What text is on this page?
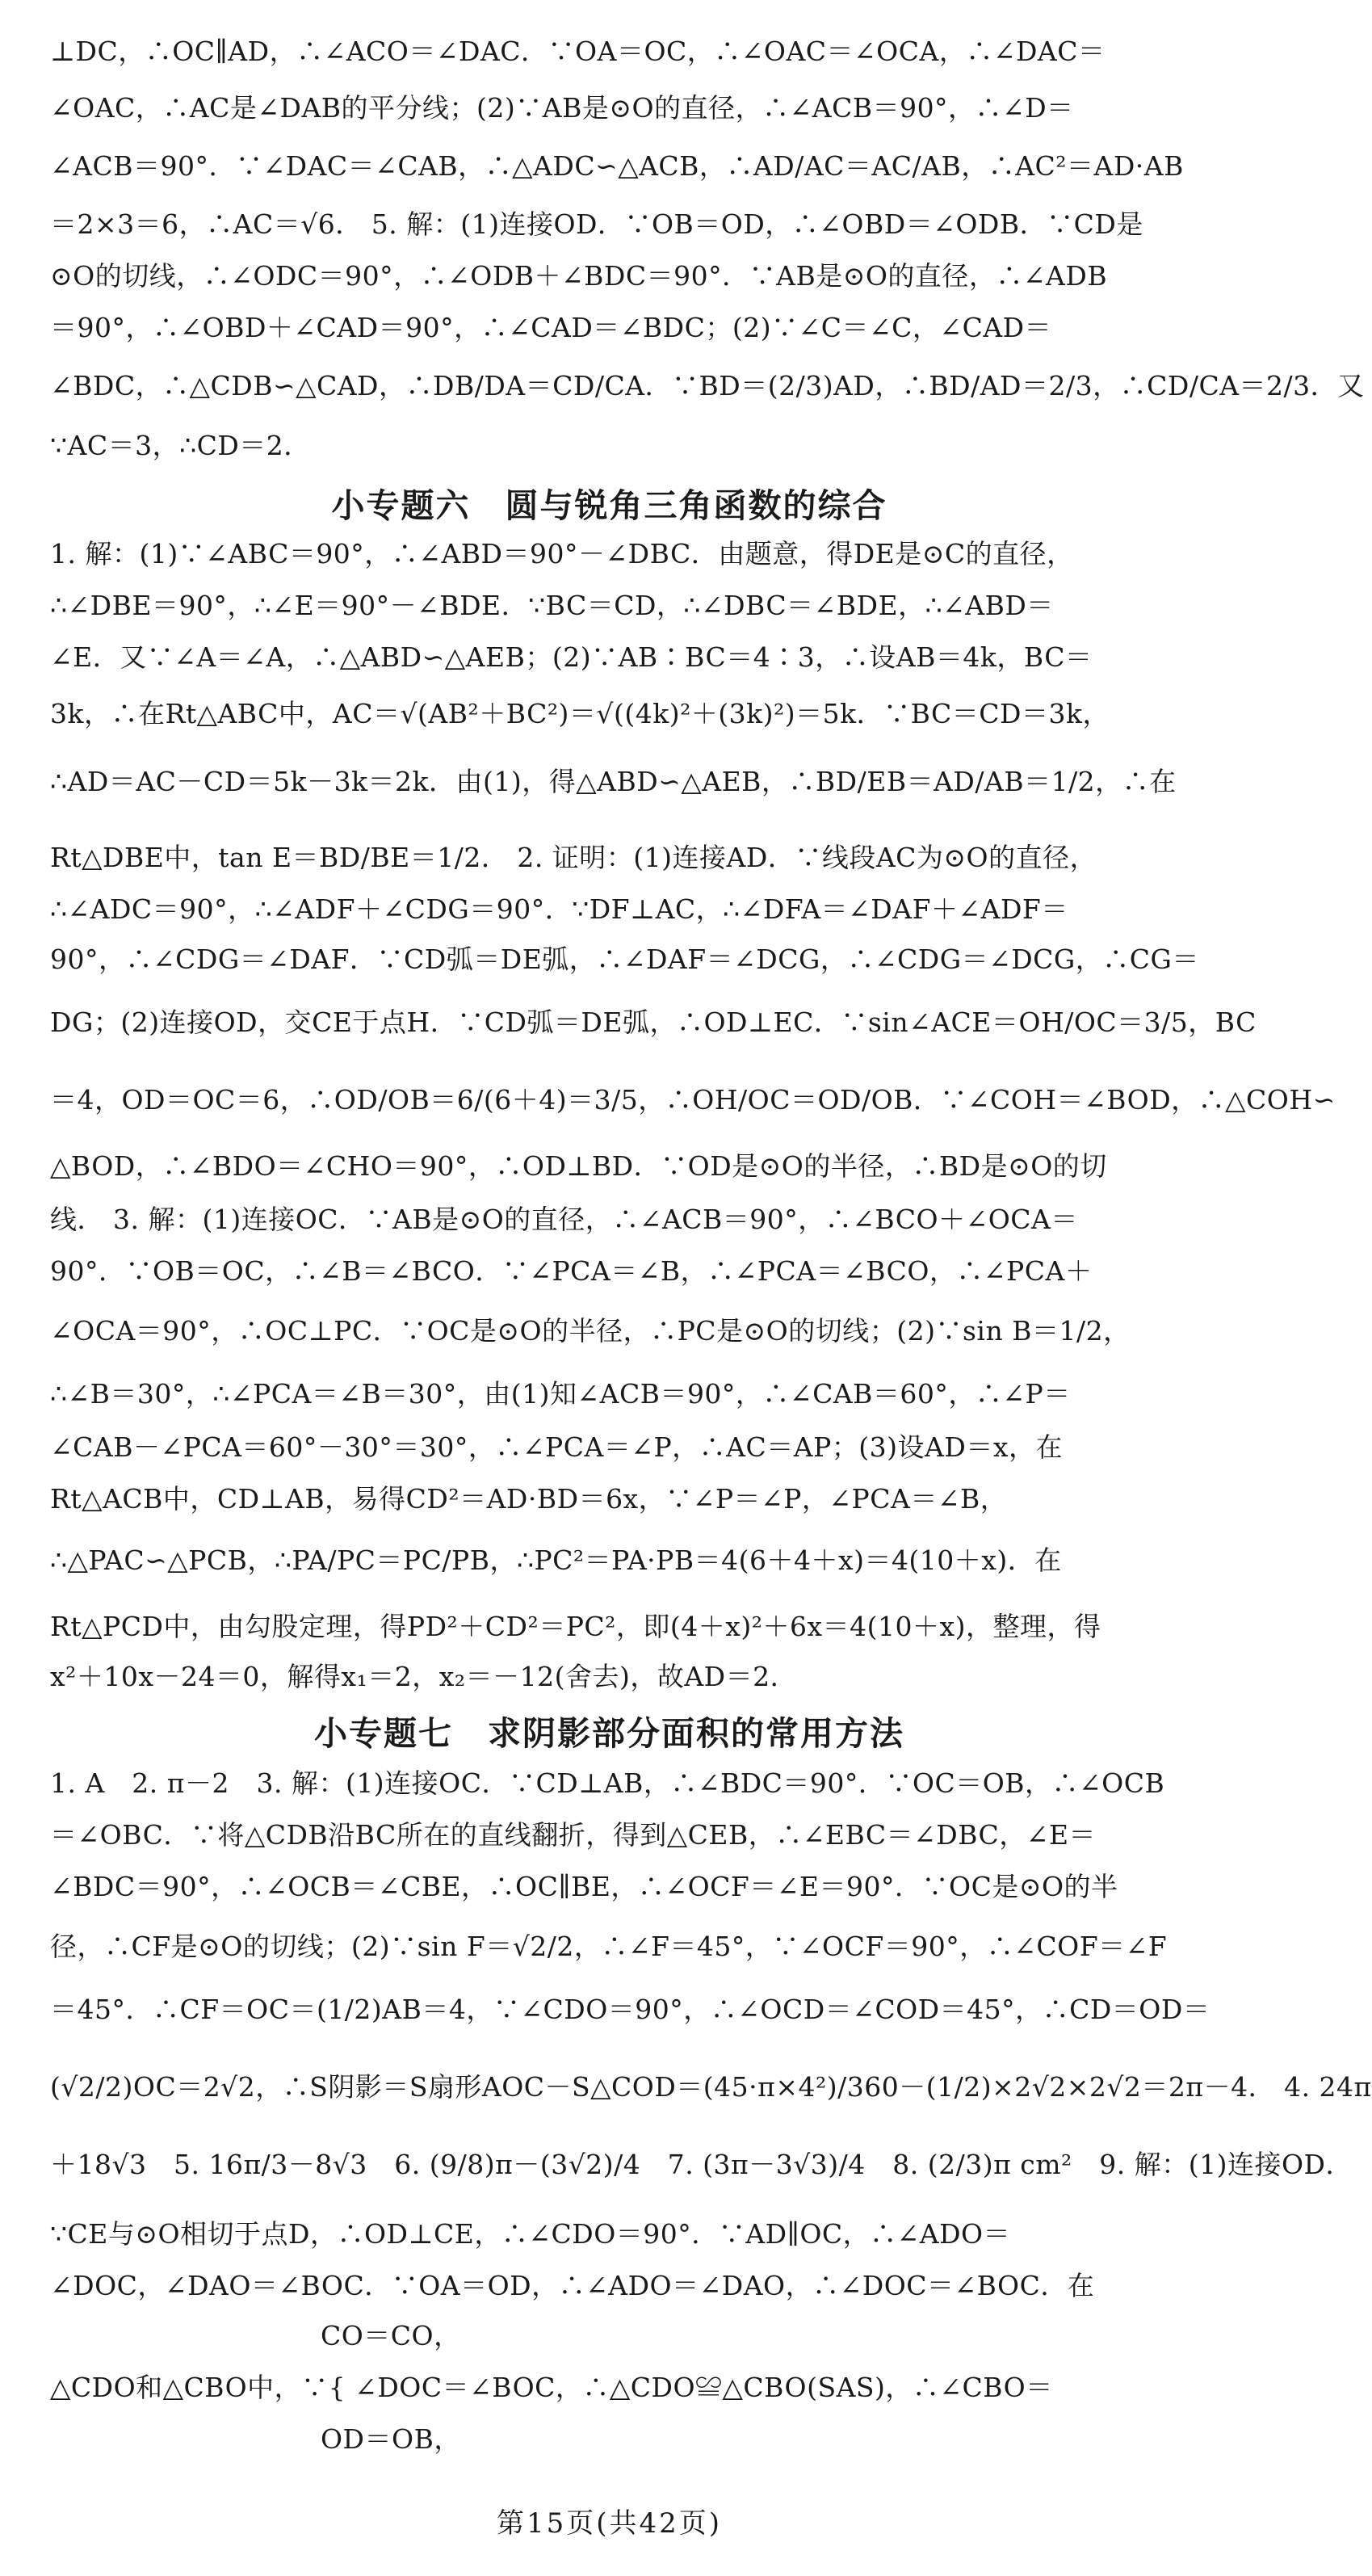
⊥DC，∴OC∥AD，∴∠ACO＝∠DAC．∵OA＝OC，∴∠OAC＝∠OCA，∴∠DAC＝
∠OAC，∴AC是∠DAB的平分线；(2)∵AB是⊙O的直径，∴∠ACB＝90°，∴∠D＝
∠ACB＝90°．∵∠DAC＝∠CAB，∴△ADC∽△ACB，∴AD/AC＝AC/AB，∴AC²＝AD·AB
＝2×3＝6，∴AC＝√6． 5. 解：(1)连接OD．∵OB＝OD，∴∠OBD＝∠ODB．∵CD是
⊙O的切线，∴∠ODC＝90°，∴∠ODB＋∠BDC＝90°．∵AB是⊙O的直径，∴∠ADB
＝90°，∴∠OBD＋∠CAD＝90°，∴∠CAD＝∠BDC；(2)∵∠C＝∠C，∠CAD＝
∠BDC，∴△CDB∽△CAD，∴DB/DA＝CD/CA．∵BD＝(2/3)AD，∴BD/AD＝2/3，∴CD/CA＝2/3．又
∵AC＝3，∴CD＝2．
小专题六　圆与锐角三角函数的综合
1. 解：(1)∵∠ABC＝90°，∴∠ABD＝90°－∠DBC．由题意，得DE是⊙C的直径，
∴∠DBE＝90°，∴∠E＝90°－∠BDE．∵BC＝CD，∴∠DBC＝∠BDE，∴∠ABD＝
∠E．又∵∠A＝∠A，∴△ABD∽△AEB；(2)∵AB∶BC＝4∶3，∴设AB＝4k，BC＝
3k，∴在Rt△ABC中，AC＝√(AB²＋BC²)＝√((4k)²＋(3k)²)＝5k．∵BC＝CD＝3k，
∴AD＝AC－CD＝5k－3k＝2k．由(1)，得△ABD∽△AEB，∴BD/EB＝AD/AB＝1/2，∴在
Rt△DBE中，tan E＝BD/BE＝1/2． 2. 证明：(1)连接AD．∵线段AC为⊙O的直径，
∴∠ADC＝90°，∴∠ADF＋∠CDG＝90°．∵DF⊥AC，∴∠DFA＝∠DAF＋∠ADF＝
90°，∴∠CDG＝∠DAF．∵CD弧＝DE弧，∴∠DAF＝∠DCG，∴∠CDG＝∠DCG，∴CG＝
DG；(2)连接OD，交CE于点H．∵CD弧＝DE弧，∴OD⊥EC．∵sin∠ACE＝OH/OC＝3/5，BC
＝4，OD＝OC＝6，∴OD/OB＝6/(6＋4)＝3/5，∴OH/OC＝OD/OB．∵∠COH＝∠BOD，∴△COH∽
△BOD，∴∠BDO＝∠CHO＝90°，∴OD⊥BD．∵OD是⊙O的半径，∴BD是⊙O的切
线． 3. 解：(1)连接OC．∵AB是⊙O的直径，∴∠ACB＝90°，∴∠BCO＋∠OCA＝
90°．∵OB＝OC，∴∠B＝∠BCO．∵∠PCA＝∠B，∴∠PCA＝∠BCO，∴∠PCA＋
∠OCA＝90°，∴OC⊥PC．∵OC是⊙O的半径，∴PC是⊙O的切线；(2)∵sin B＝1/2，
∴∠B＝30°，∴∠PCA＝∠B＝30°，由(1)知∠ACB＝90°，∴∠CAB＝60°，∴∠P＝
∠CAB－∠PCA＝60°－30°＝30°，∴∠PCA＝∠P，∴AC＝AP；(3)设AD＝x，在
Rt△ACB中，CD⊥AB，易得CD²＝AD·BD＝6x，∵∠P＝∠P，∠PCA＝∠B，
∴△PAC∽△PCB，∴PA/PC＝PC/PB，∴PC²＝PA·PB＝4(6＋4＋x)＝4(10＋x)．在
Rt△PCD中，由勾股定理，得PD²＋CD²＝PC²，即(4＋x)²＋6x＝4(10＋x)，整理，得
x²＋10x－24＝0，解得x₁＝2，x₂＝－12(舍去)，故AD＝2．
小专题七　求阴影部分面积的常用方法
1. A　2. π－2　3. 解：(1)连接OC．∵CD⊥AB，∴∠BDC＝90°．∵OC＝OB，∴∠OCB
＝∠OBC．∵将△CDB沿BC所在的直线翻折，得到△CEB，∴∠EBC＝∠DBC，∠E＝
∠BDC＝90°，∴∠OCB＝∠CBE，∴OC∥BE，∴∠OCF＝∠E＝90°．∵OC是⊙O的半
径，∴CF是⊙O的切线；(2)∵sin F＝√2/2，∴∠F＝45°，∵∠OCF＝90°，∴∠COF＝∠F
＝45°．∴CF＝OC＝(1/2)AB＝4，∵∠CDO＝90°，∴∠OCD＝∠COD＝45°，∴CD＝OD＝
(√2/2)OC＝2√2，∴S阴影＝S扇形AOC－S△COD＝(45·π×4²)/360－(1/2)×2√2×2√2＝2π－4． 4. 24π
＋18√3　5. 16π/3－8√3　6. (9/8)π－(3√2)/4　7. (3π－3√3)/4　8. (2/3)π cm²　9. 解：(1)连接OD．
∵CE与⊙O相切于点D，∴OD⊥CE，∴∠CDO＝90°．∵AD∥OC，∴∠ADO＝
∠DOC，∠DAO＝∠BOC．∵OA＝OD，∴∠ADO＝∠DAO，∴∠DOC＝∠BOC．在
　　　　　　　　　　CO＝CO，
△CDO和△CBO中，∵{ ∠DOC＝∠BOC，∴△CDO≌△CBO(SAS)，∴∠CBO＝
　　　　　　　　　　OD＝OB，
第15页(共42页)
